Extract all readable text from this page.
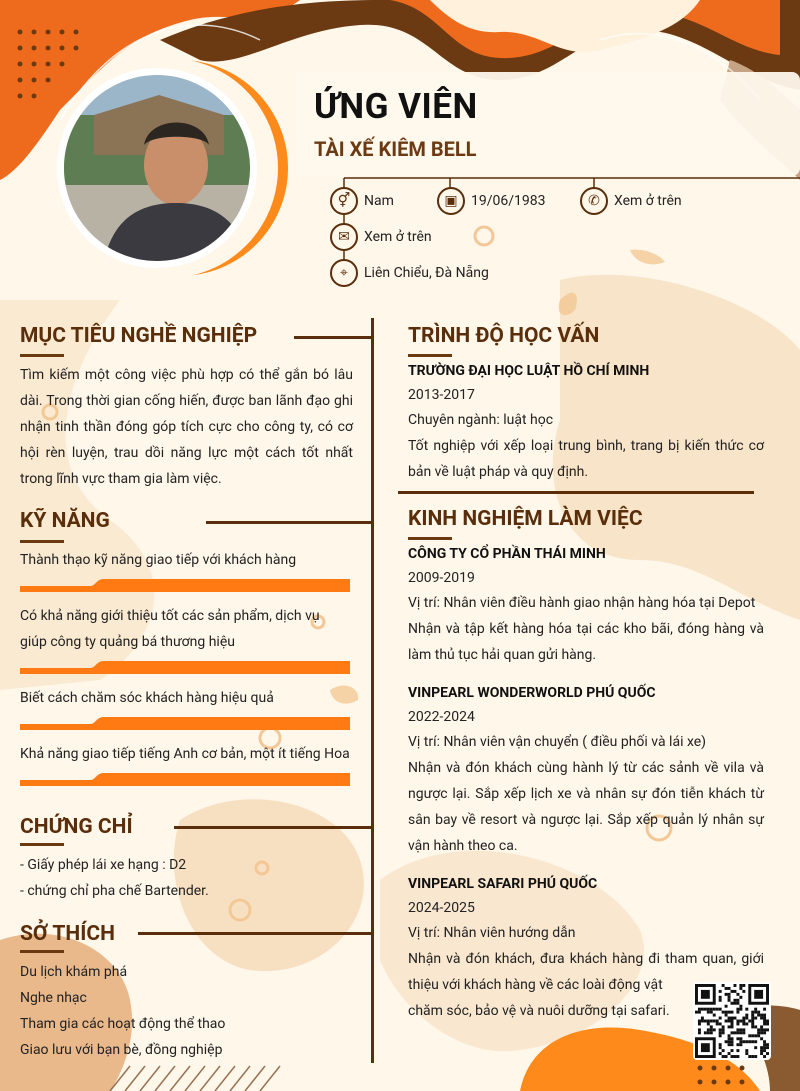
ỨNG VIÊN
TÀI XẾ KIÊM BELL
⚥ Nam	▣ 19/06/1983	✆	Xem ở trên
✉	Xem ở trên
⌖	Liên Chiểu, Đà Nẵng
MỤC TIÊU NGHỀ NGHIỆP
Tìm kiếm một công việc phù hợp có thể gắn bó lâu
dài. Trong thời gian cống hiến, được ban lãnh đạo ghi
nhận tinh thần đóng góp tích cực cho công ty, có cơ
hội rèn luyện, trau dồi năng lực một cách tốt nhất
trong lĩnh vực tham gia làm việc.
KỸ NĂNG
Thành thạo kỹ năng giao tiếp với khách hàng
Có khả năng giới thiệu tốt các sản phẩm, dịch vụ
giúp công ty quảng bá thương hiệu
Biết cách chăm sóc khách hàng hiệu quả
Khả năng giao tiếp tiếng Anh cơ bản, một ít tiếng Hoa
CHỨNG CHỈ
- Giấy phép lái xe hạng : D2
- chứng chỉ pha chế Bartender.
SỞ THÍCH
Du lịch khám phá
Nghe nhạc
Tham gia các hoạt động thể thao
Giao lưu với bạn bè, đồng nghiệp
TRÌNH ĐỘ HỌC VẤN
TRƯỜNG ĐẠI HỌC LUẬT HỒ CHÍ MINH
2013-2017
Chuyên ngành: luật học
Tốt nghiệp với xếp loại trung bình, trang bị kiến thức cơ
bản về luật pháp và quy định.
KINH NGHIỆM LÀM VIỆC
CÔNG TY CỔ PHẦN THÁI MINH
2009-2019
Vị trí: Nhân viên điều hành giao nhận hàng hóa tại Depot
Nhận và tập kết hàng hóa tại các kho bãi, đóng hàng và
làm thủ tục hải quan gửi hàng.
VINPEARL WONDERWORLD PHÚ QUỐC
2022-2024
Vị trí: Nhân viên vận chuyển ( điều phối và lái xe)
Nhận và đón khách cùng hành lý từ các sảnh về vila và
ngược lại. Sắp xếp lịch xe và nhân sự đón tiễn khách từ
sân bay về resort và ngược lại. Sắp xếp quản lý nhân sự
vận hành theo ca.
VINPEARL SAFARI PHÚ QUỐC
2024-2025
Vị trí: Nhân viên hướng dẫn
Nhận và đón khách, đưa khách hàng đi tham quan, giới
thiệu với khách hàng về các loài động vật
chăm sóc, bảo vệ và nuôi dưỡng tại safari.
